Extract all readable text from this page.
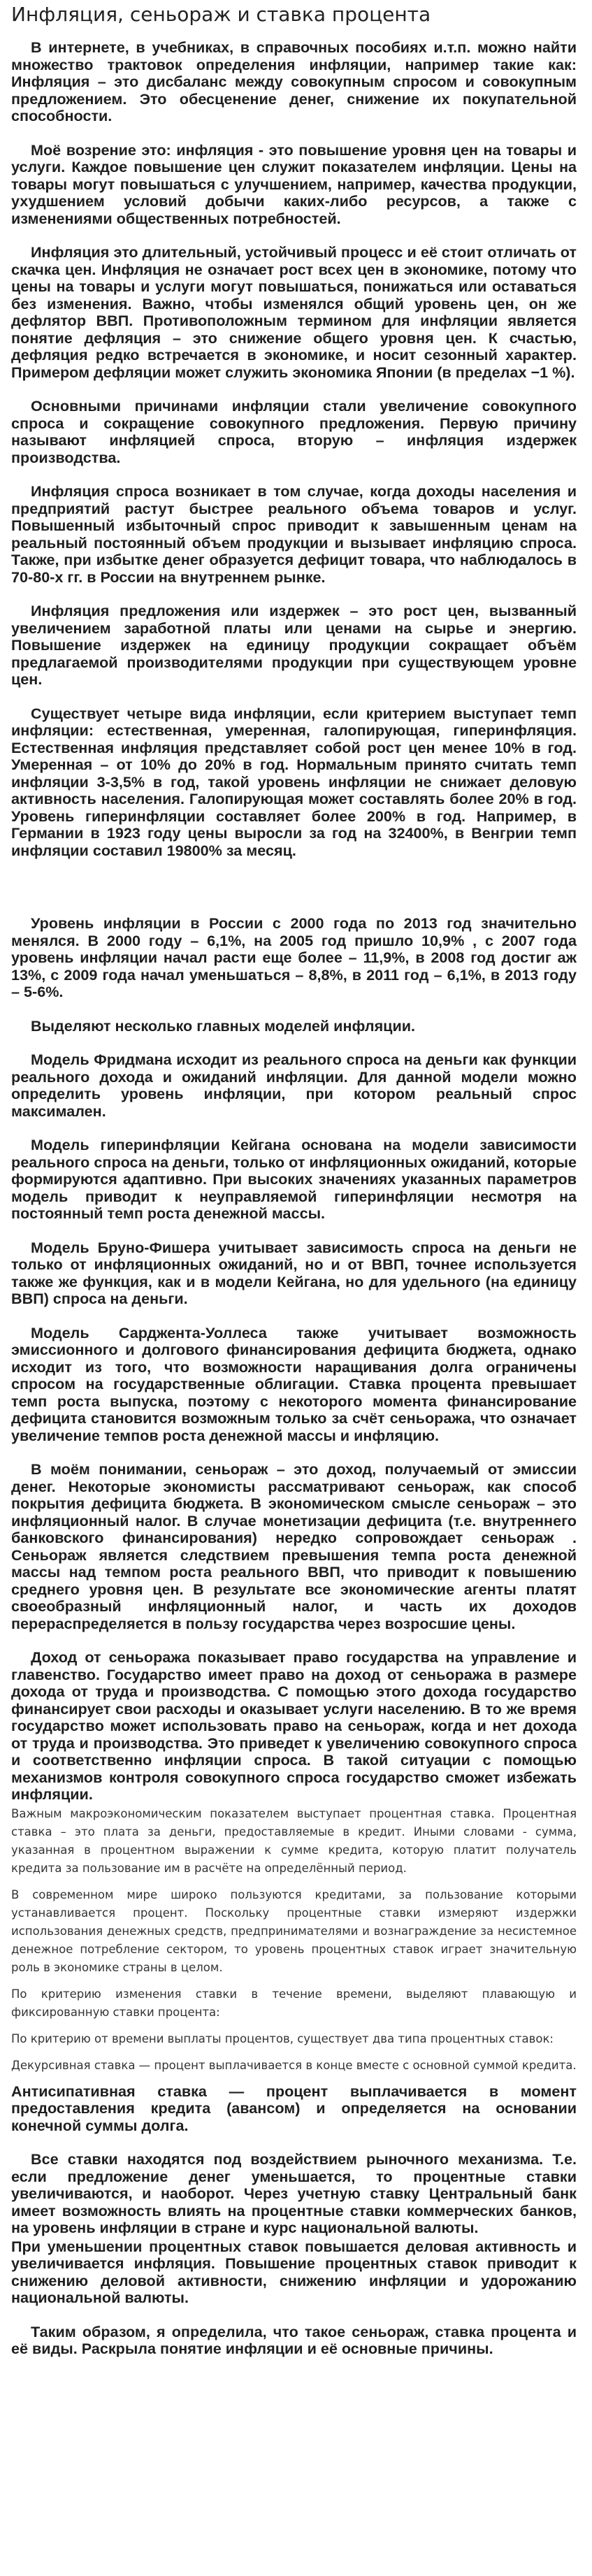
Инфляция, сеньораж и ставка процента

В интернете, в учебниках, в справочных пособиях и.т.п. можно найти множество трактовок определения инфляции, например такие как: Инфляция – это дисбаланс между совокупным спросом и совокупным предложением. Это обесценение денег, снижение их покупательной способности.

Моё возрение это: инфляция - это повышение уровня цен на товары и услуги. Каждое повышение цен служит показателем инфляции. Цены на товары могут повышаться с улучшением, например, качества продукции, ухудшением условий добычи каких-либо ресурсов, а также с изменениями общественных потребностей.

Инфляция это длительный, устойчивый процесс и её стоит отличать от скачка цен. Инфляция не означает рост всех цен в экономике, потому что цены на товары и услуги могут повышаться, понижаться или оставаться без изменения. Важно, чтобы изменялся общий уровень цен, он же дефлятор ВВП. Противоположным термином для инфляции является понятие дефляция – это снижение общего уровня цен. К счастью, дефляция редко встречается в экономике, и носит сезонный характер. Примером дефляции может служить экономика Японии (в пределах −1 %).

Основными причинами инфляции стали увеличение совокупного спроса и сокращение совокупного предложения. Первую причину называют инфляцией спроса, вторую – инфляция издержек производства.

Инфляция спроса возникает в том случае, когда доходы населения и предприятий растут быстрее реального объема товаров и услуг. Повышенный избыточный спрос приводит к завышенным ценам на реальный постоянный объем продукции и вызывает инфляцию спроса. Также, при избытке денег образуется дефицит товара, что наблюдалось в 70-80-х гг. в России на внутреннем рынке.

Инфляция предложения или издержек – это рост цен, вызванный увеличением заработной платы или ценами на сырье и энергию. Повышение издержек на единицу продукции сокращает объём предлагаемой производителями продукции при существующем уровне цен.

Существует четыре вида инфляции, если критерием выступает темп инфляции: естественная, умеренная, галопирующая, гиперинфляция. Естественная инфляция представляет собой рост цен менее 10% в год. Умеренная – от 10% до 20% в год. Нормальным принято считать темп инфляции 3-3,5% в год, такой уровень инфляции не снижает деловую активность населения. Галопирующая может составлять более 20% в год. Уровень гиперинфляции составляет более 200% в год. Например, в Германии в 1923 году цены выросли за год на 32400%, в Венгрии темп инфляции составил 19800% за месяц.

Уровень инфляции в России с 2000 года по 2013 год значительно менялся. В 2000 году – 6,1%, на 2005 год пришло 10,9% , с 2007 года уровень инфляции начал расти еще более – 11,9%, в 2008 год достиг аж 13%, с 2009 года начал уменьшаться – 8,8%, в 2011 год – 6,1%, в 2013 году – 5-6%.

Выделяют несколько главных моделей инфляции.

Модель Фридмана исходит из реального спроса на деньги как функции реального дохода и ожиданий инфляции. Для данной модели можно определить уровень инфляции, при котором реальный спрос максимален.

Модель гиперинфляции Кейгана основана на модели зависимости реального спроса на деньги, только от инфляционных ожиданий, которые формируются адаптивно. При высоких значениях указанных параметров модель приводит к неуправляемой гиперинфляции несмотря на постоянный темп роста денежной массы.

Модель Бруно-Фишера учитывает зависимость спроса на деньги не только от инфляционных ожиданий, но и от ВВП, точнее используется также же функция, как и в модели Кейгана, но для удельного (на единицу ВВП) спроса на деньги.

Модель Сарджента-Уоллеса также учитывает возможность эмиссионного и долгового финансирования дефицита бюджета, однако исходит из того, что возможности наращивания долга ограничены спросом на государственные облигации. Ставка процента превышает темп роста выпуска, поэтому с некоторого момента финансирование дефицита становится возможным только за счёт сеньоража, что означает увеличение темпов роста денежной массы и инфляцию.

В моём понимании, сеньораж – это доход, получаемый от эмиссии денег. Некоторые экономисты рассматривают сеньораж, как способ покрытия дефицита бюджета. В экономическом смысле сеньораж – это инфляционный налог. В случае монетизации дефицита (т.е. внутреннего банковского финансирования) нередко сопровождает сеньораж . Сеньораж является следствием превышения темпа роста денежной массы над темпом роста реального ВВП, что приводит к повышению среднего уровня цен. В результате все экономические агенты платят своеобразный инфляционный налог, и часть их доходов перераспределяется в пользу государства через возросшие цены.

Доход от сеньоража показывает право государства на управление и главенство. Государство имеет право на доход от сеньоража в размере дохода от труда и производства. С помощью этого дохода государство финансирует свои расходы и оказывает услуги населению. В то же время государство может использовать право на сеньораж, когда и нет дохода от труда и производства. Это приведет к увеличению совокупного спроса и соответственно инфляции спроса. В такой ситуации с помощью механизмов контроля совокупного спроса государство сможет избежать инфляции.

Важным макроэкономическим показателем выступает процентная ставка. Процентная ставка – это плата за деньги, предоставляемые в кредит. Иными словами - сумма, указанная в процентном выражении к сумме кредита, которую платит получатель кредита за пользование им в расчёте на определённый период.

В современном мире широко пользуются кредитами, за пользование которыми устанавливается процент. Поскольку процентные ставки измеряют издержки использования денежных средств, предпринимателями и вознаграждение за несистемное денежное потребление сектором, то уровень процентных ставок играет значительную роль в экономике страны в целом.

По критерию изменения ставки в течение времени, выделяют плавающую и фиксированную ставки процента:

По критерию от времени выплаты процентов, существует два типа процентных ставок:

Декурсивная ставка — процент выплачивается в конце вместе с основной суммой кредита.

Антисипативная ставка — процент выплачивается в момент предоставления кредита (авансом) и определяется на основании конечной суммы долга.

Все ставки находятся под воздействием рыночного механизма. Т.е. если предложение денег уменьшается, то процентные ставки увеличиваются, и наоборот. Через учетную ставку Центральный банк имеет возможность влиять на процентные ставки коммерческих банков, на уровень инфляции в стране и курс национальной валюты.

При уменьшении процентных ставок повышается деловая активность и увеличивается инфляция. Повышение процентных ставок приводит к снижению деловой активности, снижению инфляции и удорожанию национальной валюты.

Таким образом, я определила, что такое сеньораж, ставка процента и её виды. Раскрыла понятие инфляции и её основные причины.
